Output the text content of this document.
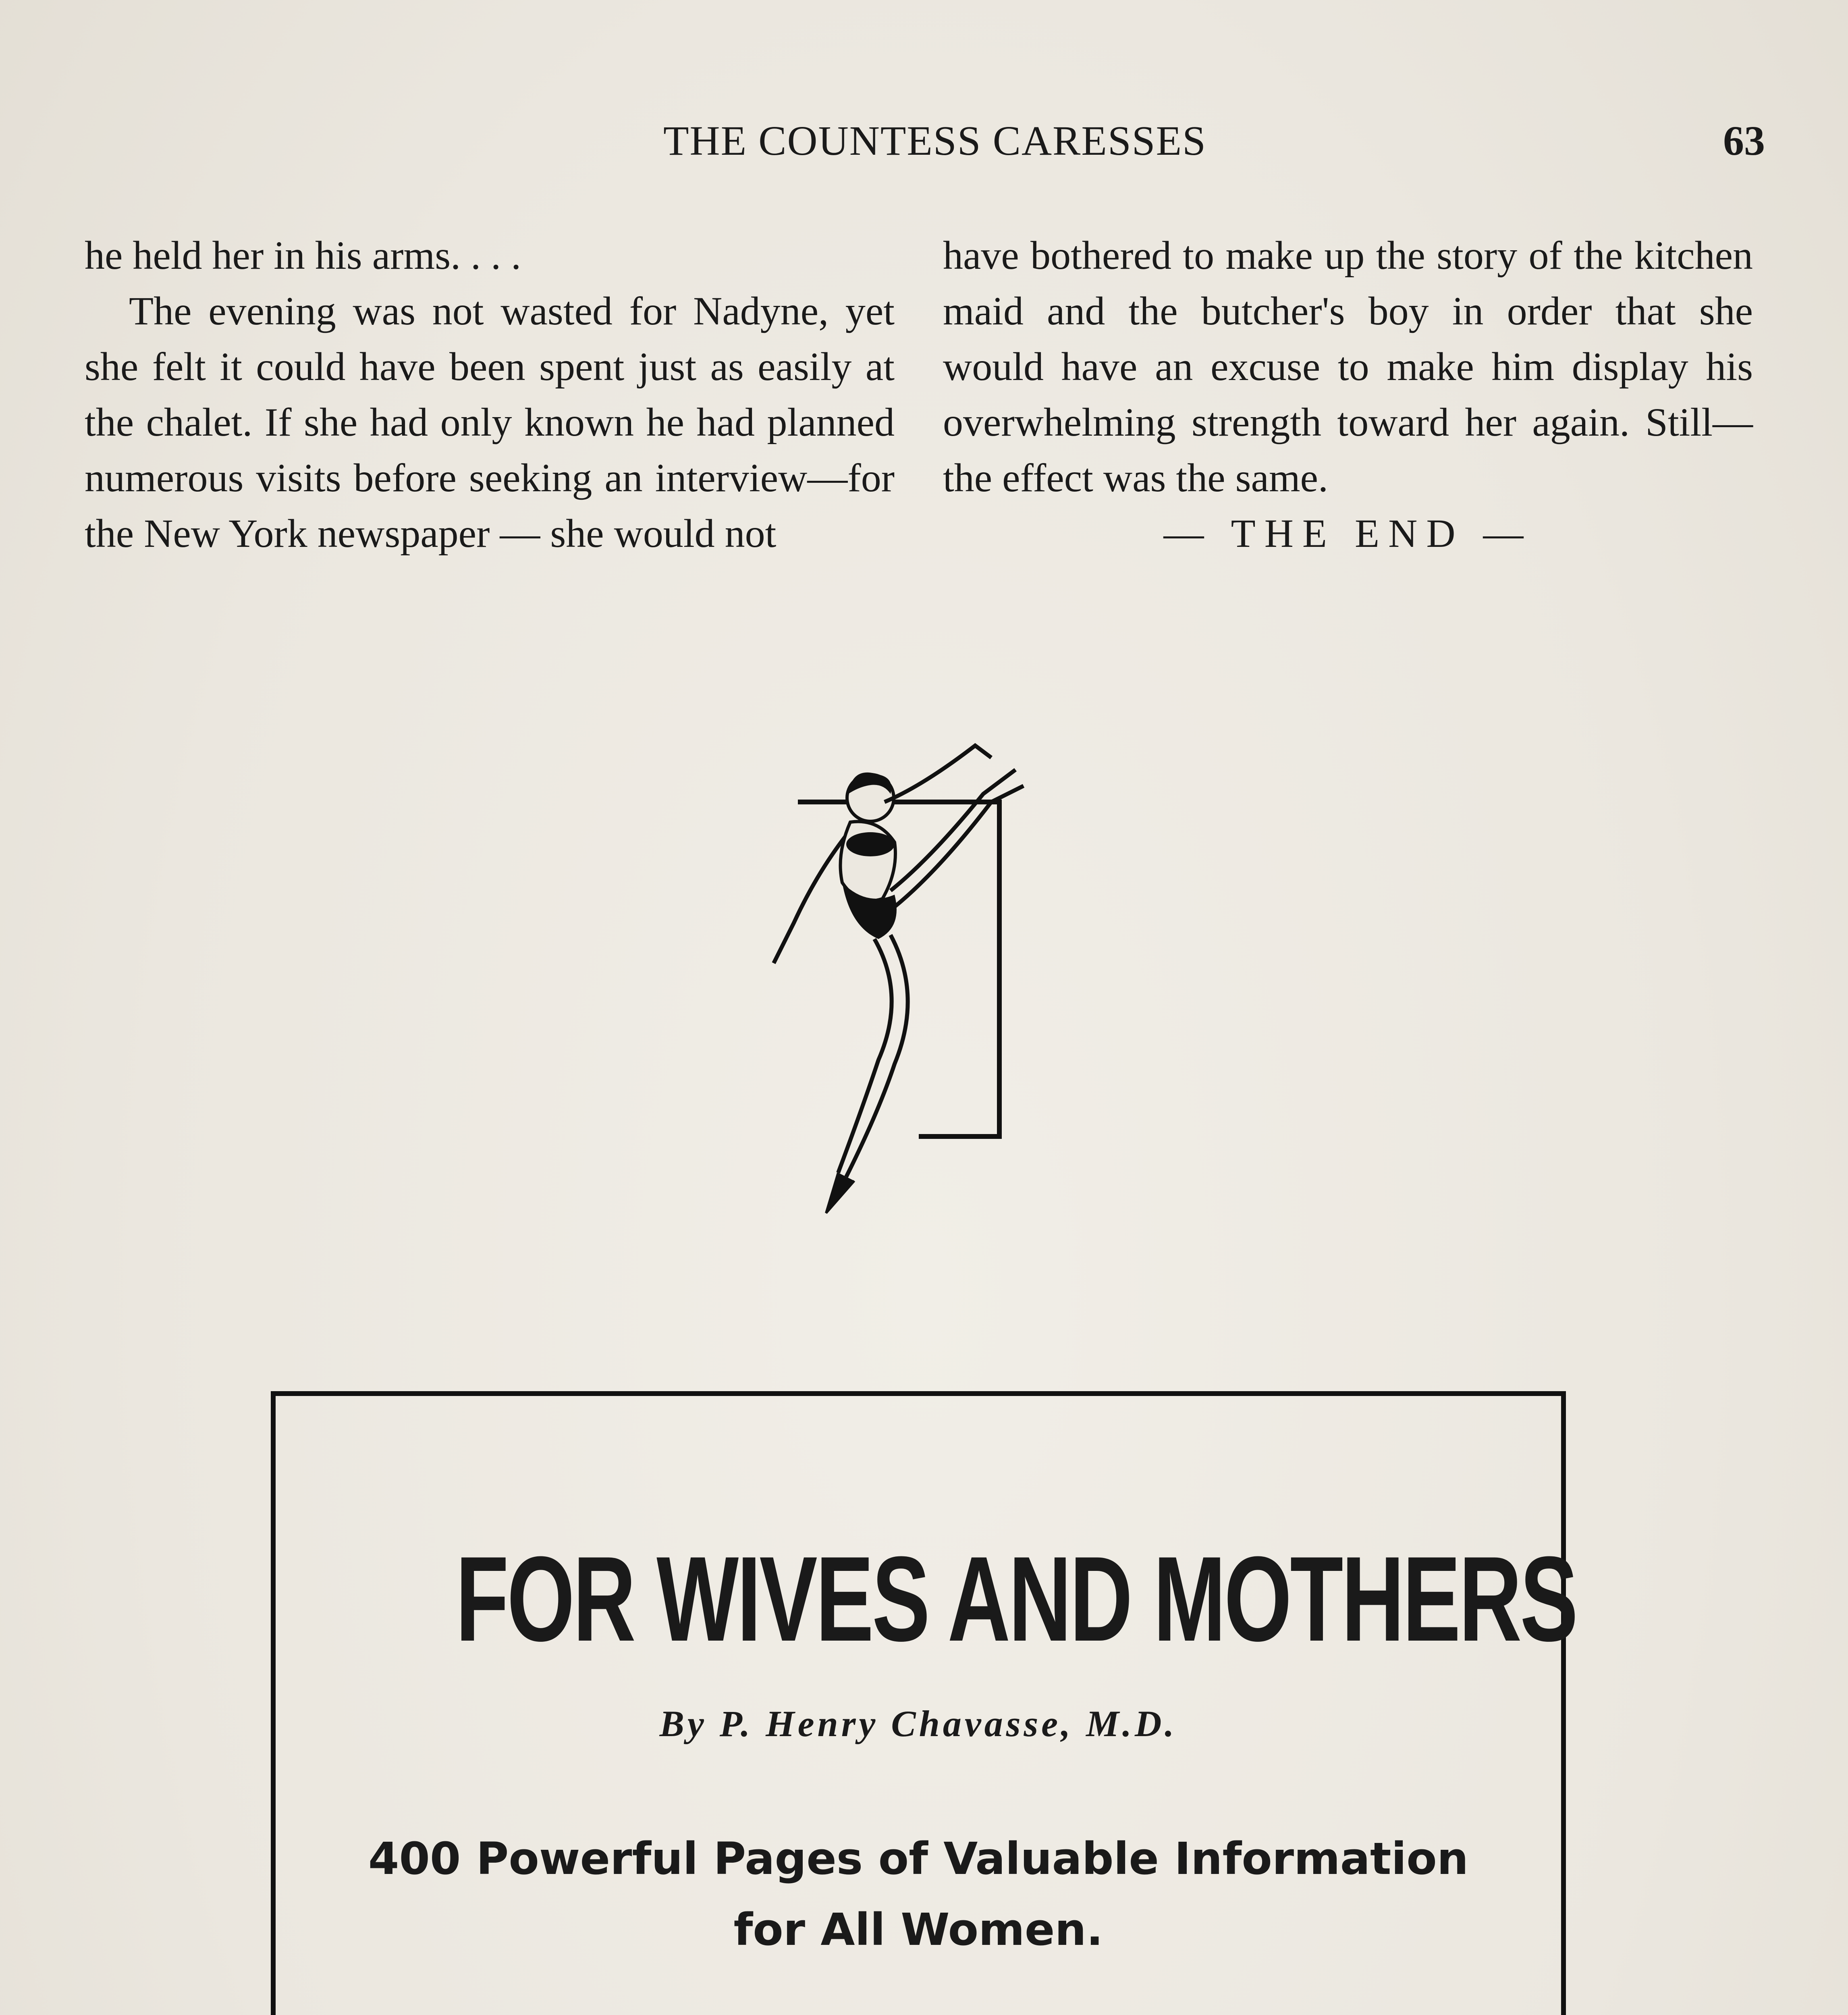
THE COUNTESS CARESSES	63

he held her in his arms. . . .

The evening was not wasted for Nadyne, yet she felt it could have been spent just as easily at the chalet. If she had only known he had planned numerous visits before seeking an interview—for the New York newspaper — she would not

have bothered to make up the story of the kitchen maid and the butcher's boy in order that she would have an excuse to make him display his overwhelming strength toward her again. Still—the effect was the same.

— THE END —

FOR WIVES AND MOTHERS
By P. Henry Chavasse, M.D.
400 Powerful Pages of Valuable Information
for All Women.
